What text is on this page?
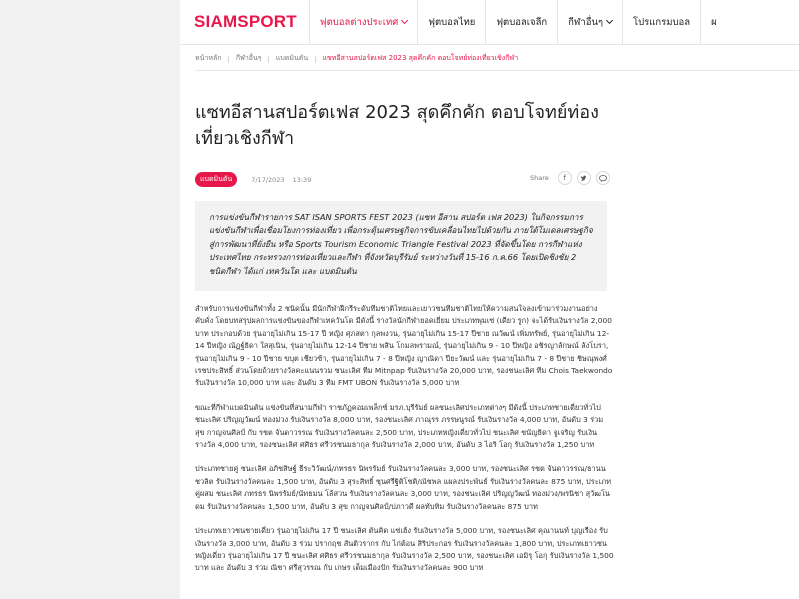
SIAMSPORT ฟุตบอลต่างประเทศ	ฟุตบอลไทย ฟุตบอลเจลีก กีฬาอื่นๆ	โปรแกรมบอล ผ
หน้าหลัก | กีฬาอื่นๆ | แบดมินตัน | แซทอีสานสปอร์ตเฟส 2023 สุดคึกคัก ตอบโจทย์ท่องเที่ยวเชิงกีฬา
แซทอีสานสปอร์ตเฟส 2023 สุดคึกคัก ตอบโจทย์ท่องเที่ยวเชิงกีฬา
แบดมินตัน	7/17/2023 13:39	Share f
การแข่งขันกีฬารายการ SAT ISAN SPORTS FEST 2023 (แซท อีสาน สปอร์ต เฟส 2023) ในกิจกรรมการแข่งขันกีฬาเพื่อเชื่อมโยงการท่องเที่ยว เพื่อกระตุ้นเศรษฐกิจการขับเคลื่อนไทยไปด้วยกัน ภายใต้โมเดลเศรษฐกิจสู่การพัฒนาที่ยั่งยืน หรือ Sports Tourism Economic Triangle Festival 2023 ที่จัดขึ้นโดย การกีฬาแห่งประเทศไทย กระทรวงการท่องเที่ยวและกีฬา ที่จังหวัดบุรีรัมย์ ระหว่างวันที่ 15-16 ก.ค.66 โดยเปิดชิงชัย 2 ชนิดกีฬา ได้แก่ เทควันโด และ แบดมินตัน

สำหรับการแข่งขันกีฬาทั้ง 2 ชนิดนั้น มีนักกีฬาฝีกรีระดับทีมชาติไทยและเยาวชนทีมชาติไทยให้ความสนใจลงเข้ามาร่วมงานอย่างคับคั่ง โดยบทสรุปผลการแข่งขันของกีฬาเทควันโด มีดังนี้ รางวัลนักกีฬายอดเยี่ยม ประเภทพุมเซ่ (เดียว รูก) จะได้รับเงินรางวัล 2,000 บาท ประกอบด้วย รุ่นอายุไม่เกิน 15-17 ปี หญิง ศุภสตา กุลพงวน, รุ่นอายุไม่เกิน 15-17 ปีชาย ณวัฒน์ เพิ่มทรัพย์, รุ่นอายุไม่เกิน 12-14 ปีหญิง ณัฏฐ์ธิดา ใสสุเนิน, รุ่นอายุไม่เกิน 12-14 ปีชาย พสิน โกมลพรามณ์, รุ่นอายุไม่เกิน 9 - 10 ปีหญิง อชิรญาลักษณ์ ลังโบรา, รุ่นอายุไม่เกิน 9 - 10 ปีชาย ขบุต เชียวซ้า, รุ่นอายุไม่เกิน 7 - 8 ปีหญิง ญาณิดา ปียะวัฒน์ และ รุ่นอายุไม่เกิน 7 - 8 ปีชาย ชิษณุพงศ์ เรชประสิทธิ์ ส่วนโดยถ้วยรางวัลคะแนนรวม ชนะเลิศ ทีม Mitnpap รับเงินรางวัล 20,000 บาท, รองชนะเลิศ ทีม Chois Taekwondo รับเงินรางวัล 10,000 บาท และ อันดับ 3 ทีม FMT UBON รับเงินรางวัล 5,000 บาท

ขณะที่กีฬาแบดมินตัน แข่งขันที่สนามกีฬา ราชภัฏคอมเพล็กซ์ มรภ.บุรีรัมย์ ผลชนะเลิศประเภทต่างๆ มีดังนี้ ประเภทชายเดี่ยวทั่วไป ชนะเลิศ ปริญญวัฒน์ ทองม่วง รับเงินรางวัล 8,000 บาท, รองชนะเลิศ ภาณุรร ภรรษนูรณ์ รับเงินรางวัล 4,000 บาท, อันดับ 3 ร่วม สุข กาญจนศิลป์ กับ รชต จันดาวรรณ รับเงินรางวัลคนละ 2,500 บาท, ประเภทหญิงเดี่ยวทั่วไป ชนะเลิศ ชนัญธิดา จูเจริญ รับเงินรางวัล 4,000 บาท, รองชนะเลิศ ศศิธร ศรีวรชนมธากุล รับเงินรางวัล 2,000 บาท, อันดับ 3 ไอริ โอกุ รับเงินรางวัล 1,250 บาท

ประเภทชายคู่ ชนะเลิศ อภิชสิษฐ์ ธีระวิวัฒน์/ภทรธร นิพรรัมย์ รับเงินรางวัลคนละ 3,000 บาท, รองชนะเลิศ รชต จันดาวรรณ/ธานนชวลิต รับเงินรางวัลคนละ 1,500 บาท, อันดับ 3 สุระสิทธิ์ ชุนศรีฐิติโชติ/ณัชพล แผลงประพันธ์ รับเงินรางวัลคนละ 875 บาท, ประเภทคู่ผสม ชนะเลิศ ภทรธร นิพรรัมย์/นัทธมน โล้สวน รับเงินรางวัลคนละ 3,000 บาท, รองชนะเลิศ ปริญญวัฒน์ ทองม่วง/พรนิชา สุวัฒโนดม รับเงินรางวัลคนละ 1,500 บาท, อันดับ 3 สุข กาญจนศิลป์/ปภาวดี ผลทับทิม รับเงินรางวัลคนละ 875 บาท

ประเภทเยาวชนชายเดี่ยว รุ่นอายุไม่เกิน 17 ปี ชนะเลิศ ตันคิด แซ่เฮ้ง รับเงินรางวัล 5,000 บาท, รองชนะเลิศ คุณานนท์ บุญเรือง รับเงินรางวัล 3,000 บาท, อันดับ 3 ร่วม ปรากฤช สันติวรากร กับ ไก่ต้อน สิริประกอร รับเงินรางวัลคนละ 1,800 บาท, ประเภทเยาวชนหญิงเดี่ยว รุ่นอายุไม่เกิน 17 ปี ชนะเลิศ ศศิธร ศรีวรชนมธากุล รับเงินรางวัล 2,500 บาท, รองชนะเลิศ เอมิรุ โอกุ รับเงินรางวัล 1,500 บาท และ อันดับ 3 ร่วม ณิชา ศรีสุวรรณ กับ เกษร เด็มเมืองปัก รับเงินรางวัลคนละ 900 บาท
